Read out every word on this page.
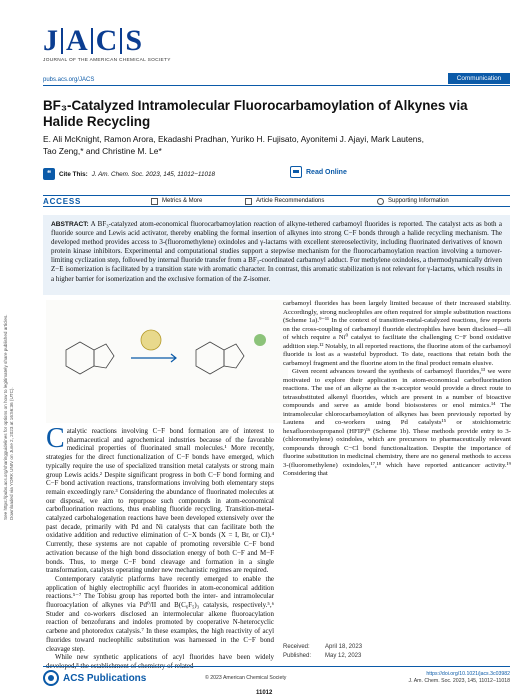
See https://pubs.acs.org/sharingguidelines for options on how to legitimately share published articles. Downloaded via YORK UNIV on June 2, 2023 at 16:56:36 (UTC).
J A C S
JOURNAL OF THE AMERICAN CHEMICAL SOCIETY
pubs.acs.org/JACS	Communication
BF₃-Catalyzed Intramolecular Fluorocarbamoylation of Alkynes via
Halide Recycling
E. Ali McKnight, Ramon Arora, Ekadashi Pradhan, Yuriko H. Fujisato, Ayonitemi J. Ajayi, Mark Lautens,
Tao Zeng,* and Christine M. Le*
❝	Cite This: J. Am. Chem. Soc. 2023, 145, 11012−11018	Read Online
ACCESS	Metrics & More	Article Recommendations	Supporting Information
ABSTRACT: A BF₃-catalyzed atom-economical fluorocarbamoylation reaction of alkyne-tethered carbamoyl fluorides is reported. The catalyst acts as both a fluoride source and Lewis acid activator, thereby enabling the formal insertion of alkynes into strong C−F bonds through a halide recycling mechanism. The developed method provides access to 3-(fluoromethylene) oxindoles and γ-lactams with excellent stereoselectivity, including fluorinated derivatives of known protein kinase inhibitors. Experimental and computational studies support a stepwise mechanism for the fluorocarbamoylation reaction involving a turnover-limiting cyclization step, followed by internal fluoride transfer from a BF₃-coordinated carbamoyl adduct. For methylene oxindoles, a thermodynamically driven Z−E isomerization is facilitated by a transition state with aromatic character. In contrast, this aromatic stabilization is not relevant for γ-lactams, which results in a higher barrier for isomerization and the exclusive formation of the Z-isomer.

C atalytic reactions involving C−F bond formation are of interest to pharmaceutical and agrochemical industries because of the favorable medicinal properties of fluorinated small molecules.¹ More recently, strategies for the direct functionalization of C−F bonds have emerged, which typically require the use of specialized transition metal catalysts or strong main group Lewis acids.² Despite significant progress in both C−F bond forming and C−F bond activation reactions, transformations involving both elementary steps remain exceedingly rare.³ Considering the abundance of fluorinated molecules at our disposal, we aim to repurpose such compounds in atom-economical carbofluorination reactions, thus enabling fluoride recycling. Transition-metal-catalyzed carbohalogenation reactions have been developed extensively over the past decade, primarily with Pd and Ni catalysts that can facilitate both the oxidative addition and reductive elimination of C−X bonds (X = I, Br, or Cl).⁴ Currently, these systems are not capable of promoting reversible C−F bond activation because of the high bond dissociation energy of both C−F and M−F bonds. Thus, to merge C−F bond cleavage and formation in a single transformation, catalysts operating under new mechanistic regimes are required.

Contemporary catalytic platforms have recently emerged to enable the application of highly electrophilic acyl fluorides in atom-economical addition reactions.⁵⁻⁷ The Tobisu group has reported both the inter- and intramolecular fluoroacylation of alkynes via Pd⁰/II and B(C₆F₅)₃ catalysis, respectively.⁵,⁶ Studer and co-workers disclosed an intermolecular alkene fluoroacylation reaction of benzofurans and indoles promoted by cooperative N-heterocyclic carbene and photoredox catalysis.⁷ In these examples, the high reactivity of acyl fluorides toward nucleophilic substitution was harnessed in the C−F bond cleavage step.

While new synthetic applications of acyl fluorides have been widely

carbamoyl fluorides has been largely limited because of their increased stability. Accordingly, strong nucleophiles are often required for simple substitution reactions (Scheme 1a).⁹⁻¹¹ In the context of transition-metal-catalyzed reactions, few reports on the cross-coupling of carbamoyl fluoride electrophiles have been disclosed—all of which require a Ni⁰ catalyst to facilitate the challenging C−F bond oxidative addition step.¹² Notably, in all reported reactions, the fluorine atom of the carbamoyl fluoride is lost as a wasteful byproduct. To date, reactions that retain both the carbamoyl fragment and the fluorine atom in the final product remain elusive.

Given recent advances toward the synthesis of carbamoyl fluorides,¹³ we were motivated to explore their application in atom-economical carbofluorination reactions. The use of an alkyne as the π-acceptor would provide a direct route to tetrasubstituted alkenyl fluorides, which are present in a number of bioactive compounds and serve as amide bond bioisosteres or enol mimics.¹⁴ The intramolecular chlorocarbamoylation of alkynes has been previously reported by Lautens and co-workers using Pd catalysts¹⁵ or stoichiometric hexafluoroisopropanol (HFIP)¹⁶ (Scheme 1b). These methods provide entry to 3-(chloromethylene) oxindoles, which are precursors to pharmaceutically relevant compounds through C−Cl bond functionalization. Despite the importance of fluorine substitution in medicinal chemistry, there are no general methods to access 3-(fluoromethylene) oxindoles,¹⁷,¹⁸ which have reported anticancer activity.¹⁹ Considering that

Received:	April 18, 2023
Published: May 12, 2023
ACS Publications	© 2023 American Chemical Society
11012
https://doi.org/10.1021/jacs.3c03982
J. Am. Chem. Soc. 2023, 145, 11012−11018
